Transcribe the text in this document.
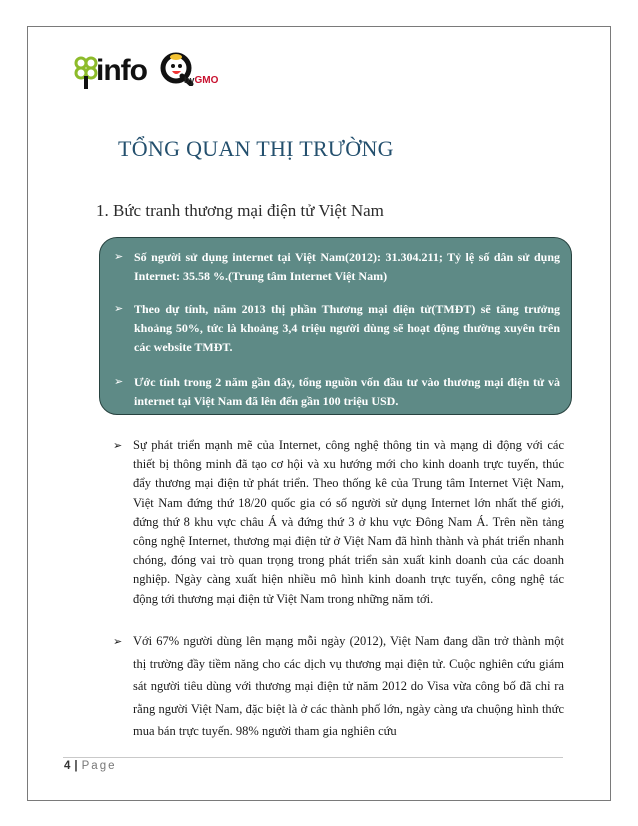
info	byGMO
TỔNG QUAN THỊ TRƯỜNG
1. Bức tranh thương mại điện tử Việt Nam
➢ Số người sử dụng internet tại Việt Nam(2012): 31.304.211; Tỷ lệ số dân sử dụng Internet: 35.58 %.(Trung tâm Internet Việt Nam)
➢ Theo dự tính, năm 2013 thị phần Thương mại điện tử(TMĐT) sẽ tăng trưởng khoảng 50%, tức là khoảng 3,4 triệu người dùng sẽ hoạt động thường xuyên trên các website TMĐT.
➢ Ước tính trong 2 năm gần đây, tổng nguồn vốn đầu tư vào thương mại điện tử và internet tại Việt Nam đã lên đến gần 100 triệu USD.
➢ Sự phát triển mạnh mẽ của Internet, công nghệ thông tin và mạng di động với các thiết bị thông minh đã tạo cơ hội và xu hướng mới cho kinh doanh trực tuyến, thúc đẩy thương mại điện tử phát triển. Theo thống kê của Trung tâm Internet Việt Nam, Việt Nam đứng thứ 18/20 quốc gia có số người sử dụng Internet lớn nhất thế giới, đứng thứ 8 khu vực châu Á và đứng thứ 3 ở khu vực Đông Nam Á. Trên nền tảng công nghệ Internet, thương mại điện tử ở Việt Nam đã hình thành và phát triển nhanh chóng, đóng vai trò quan trọng trong phát triển sản xuất kinh doanh của các doanh nghiệp. Ngày càng xuất hiện nhiều mô hình kinh doanh trực tuyến, công nghệ tác động tới thương mại điện tử Việt Nam trong những năm tới.
➢ Với 67% người dùng lên mạng mỗi ngày (2012), Việt Nam đang dần trở thành một thị trường đầy tiềm năng cho các dịch vụ thương mại điện tử. Cuộc nghiên cứu giám sát người tiêu dùng với thương mại điện tử năm 2012 do Visa vừa công bố đã chỉ ra rằng người Việt Nam, đặc biệt là ở các thành phố lớn, ngày càng ưa chuộng hình thức mua bán trực tuyến. 98% người tham gia nghiên cứu
4 | Page
